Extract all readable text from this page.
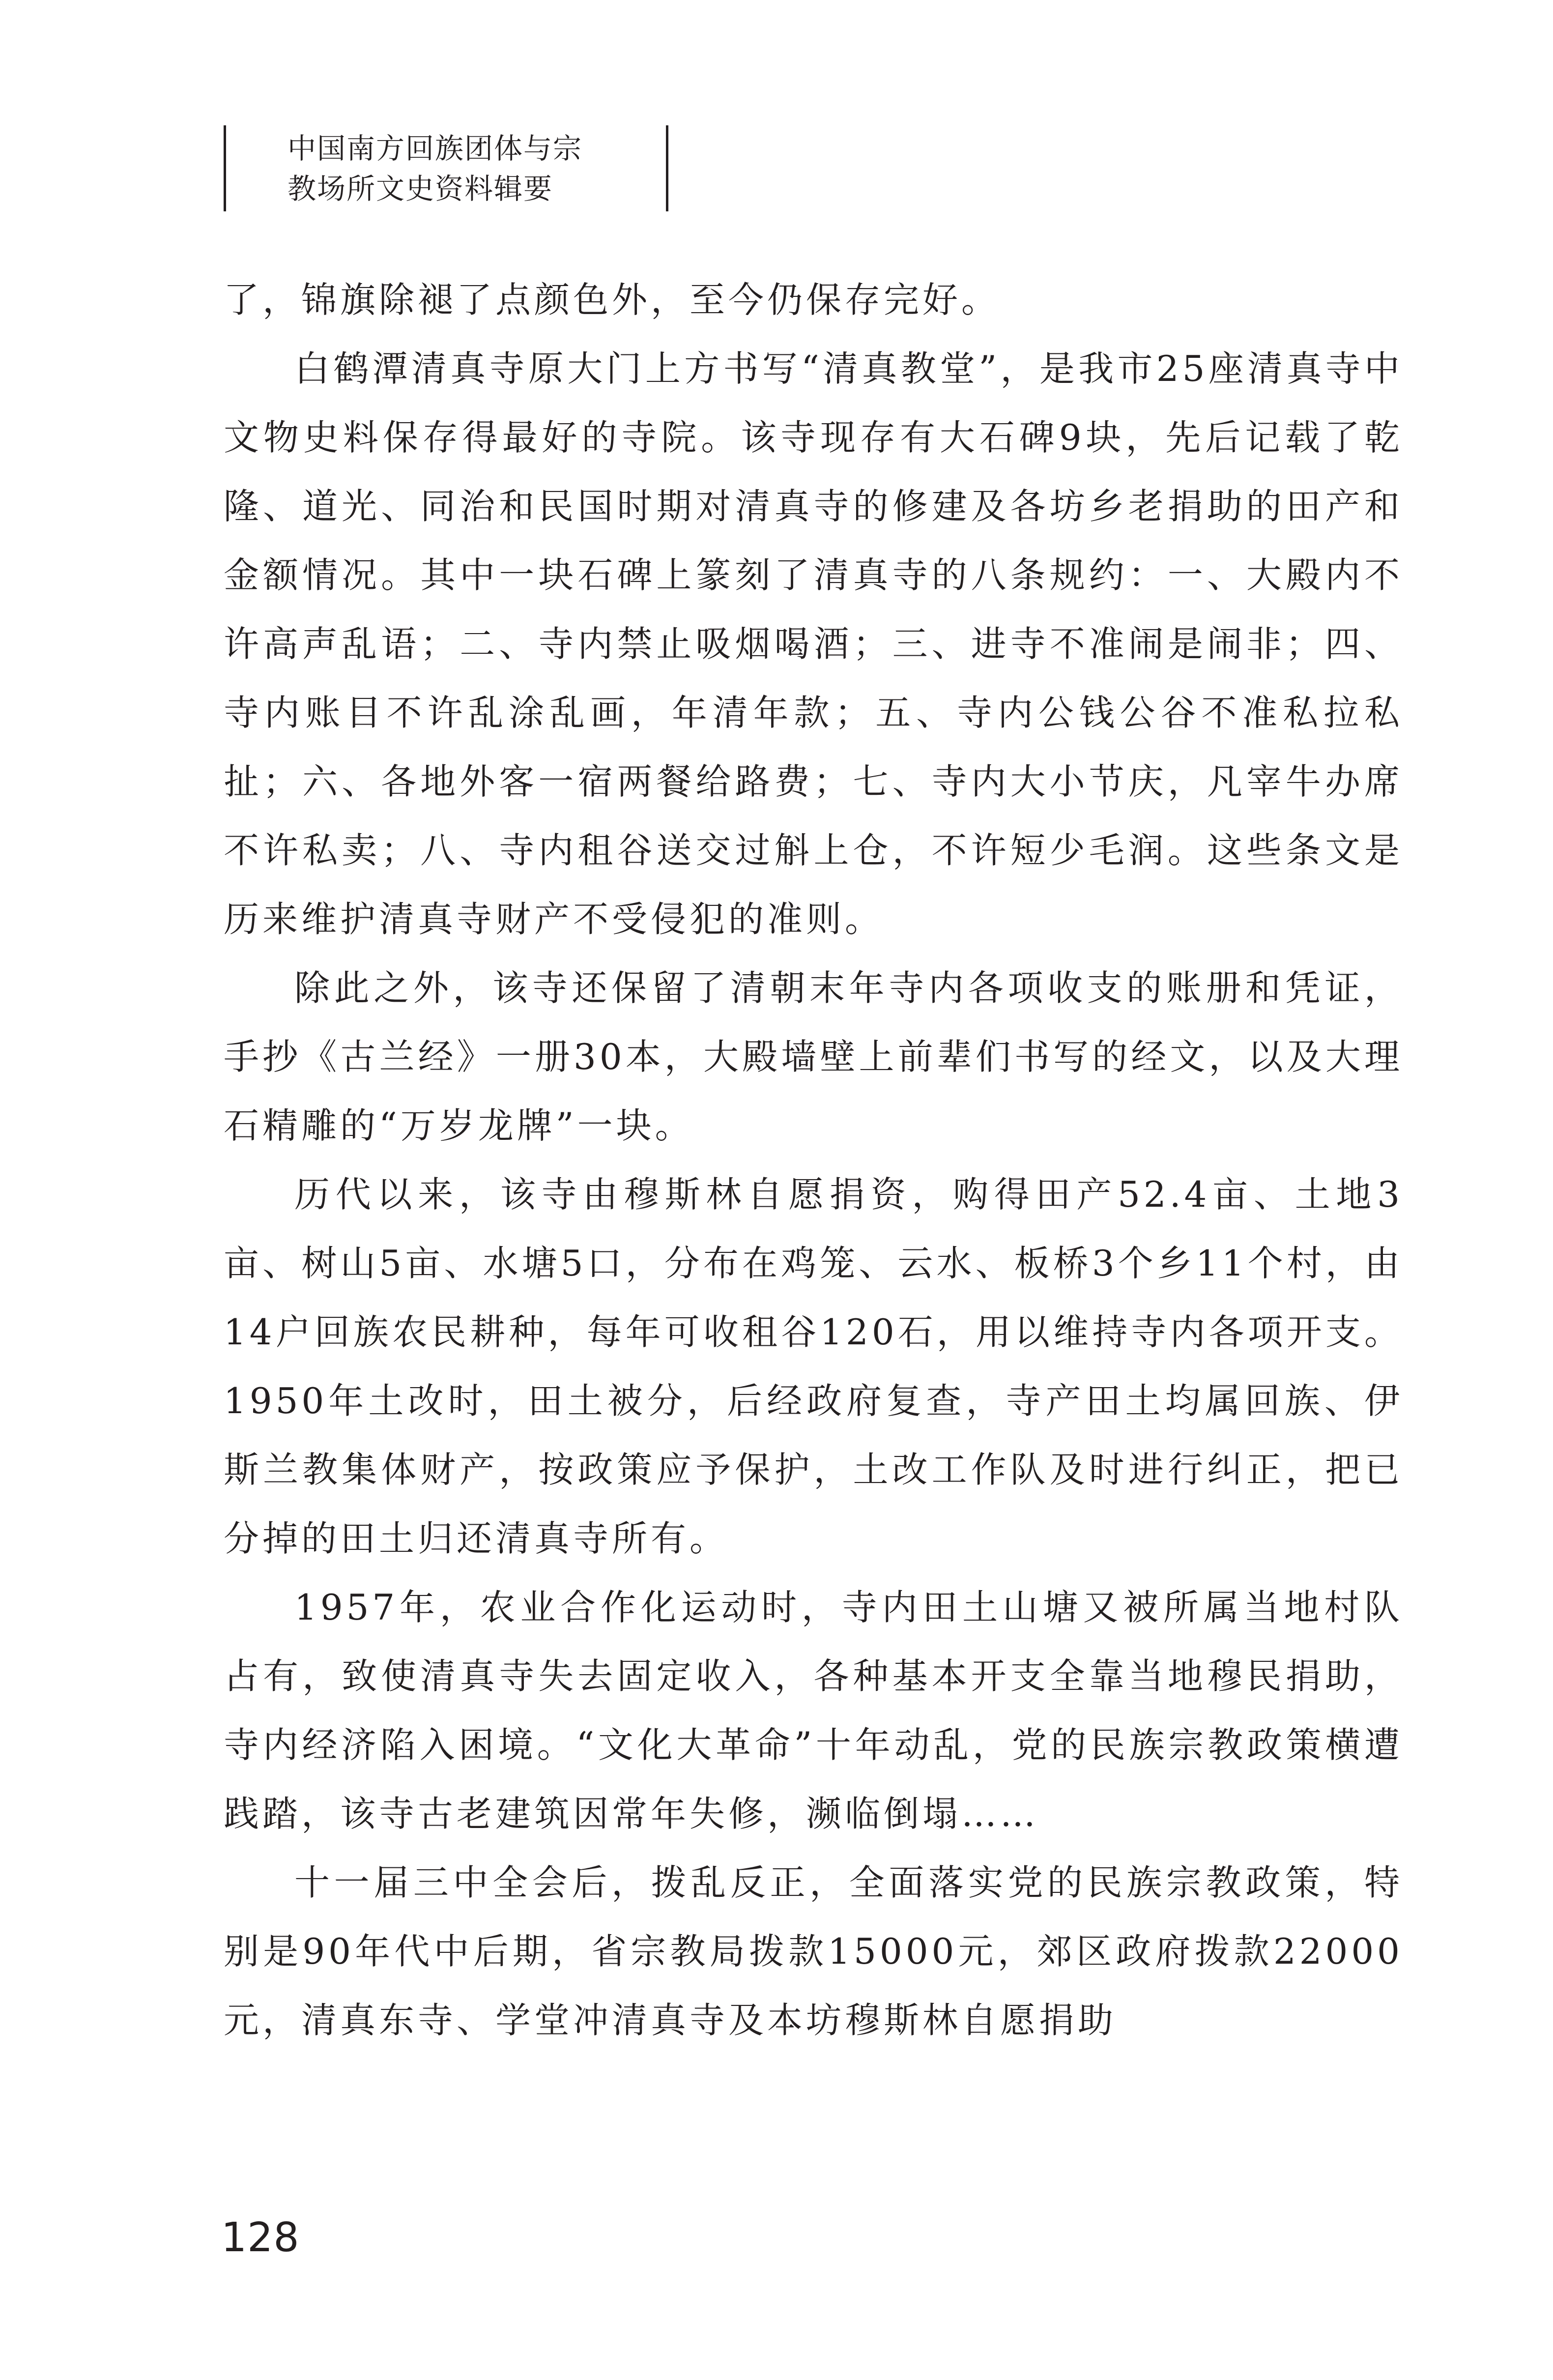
中国南方回族团体与宗
教场所文史资料辑要

了，锦旗除褪了点颜色外，至今仍保存完好。

白鹤潭清真寺原大门上方书写“清真教堂”，是我市25座清真寺中文物史料保存得最好的寺院。该寺现存有大石碑9块，先后记载了乾隆、道光、同治和民国时期对清真寺的修建及各坊乡老捐助的田产和金额情况。其中一块石碑上篆刻了清真寺的八条规约：一、大殿内不许高声乱语；二、寺内禁止吸烟喝酒；三、进寺不准闹是闹非；四、寺内账目不许乱涂乱画，年清年款；五、寺内公钱公谷不准私拉私扯；六、各地外客一宿两餐给路费；七、寺内大小节庆，凡宰牛办席不许私卖；八、寺内租谷送交过斛上仓，不许短少毛润。这些条文是历来维护清真寺财产不受侵犯的准则。

除此之外，该寺还保留了清朝末年寺内各项收支的账册和凭证，手抄《古兰经》一册30本，大殿墙壁上前辈们书写的经文，以及大理石精雕的“万岁龙牌”一块。

历代以来，该寺由穆斯林自愿捐资，购得田产52.4亩、土地3亩、树山5亩、水塘5口，分布在鸡笼、云水、板桥3个乡11个村，由14户回族农民耕种，每年可收租谷120石，用以维持寺内各项开支。1950年土改时，田土被分，后经政府复查，寺产田土均属回族、伊斯兰教集体财产，按政策应予保护，土改工作队及时进行纠正，把已分掉的田土归还清真寺所有。

1957年，农业合作化运动时，寺内田土山塘又被所属当地村队占有，致使清真寺失去固定收入，各种基本开支全靠当地穆民捐助，寺内经济陷入困境。“文化大革命”十年动乱，党的民族宗教政策横遭践踏，该寺古老建筑因常年失修，濒临倒塌……

十一届三中全会后，拨乱反正，全面落实党的民族宗教政策，特别是90年代中后期，省宗教局拨款15000元，郊区政府拨款22000元，清真东寺、学堂冲清真寺及本坊穆斯林自愿捐助

128
